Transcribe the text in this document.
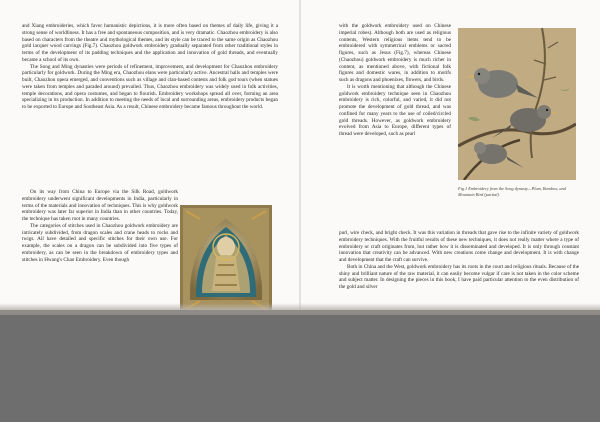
and Xiang embroideries, which favor humanistic depictions, it is more often based on themes of daily life, giving it a strong sense of worldliness. It has a free and spontaneous composition, and is very dramatic. Chaozhou embroidery is also based on characters from the theatre and mythological themes, and its style can be traced to the same origin as Chaozhou gold lacquer wood carvings (Fig.7). Chaozhou goldwork embroidery gradually separated from other traditional styles in terms of the development of its padding techniques and the application and innovation of gold threads, and eventually became a school of its own.

The Song and Ming dynasties were periods of refinement, improvement, and development for Chaozhou embroidery particularly for goldwork. During the Ming era, Chaozhou elans were particularly active. Ancestral halls and temples were built, Chaozhou opera emerged, and conventions such as village and clan-based contests and folk god tours (when statues were taken from temples and paraded around) prevailed. Thus, Chaozhou embroidery was widely used in folk activities, temple decorations, and opera costumes, and began to flourish. Embroidery workshops spread all over, forming an area specializing in its production. In addition to meeting the needs of local and surrounding areas, embroidery products began to be exported to Europe and Southeast Asia. As a result, Chinese embroidery became famous throughout the world.

On its way from China to Europe via the Silk Road, goldwork embroidery underwent significant developments in India, particularly in terms of the materials and innovation of techniques. This is why goldwork embroidery was later far superior in India than in other countries. Today, the technique has taken root in many countries.

The categories of stitches used in Chaozhou goldwork embroidery are intricately subdivided, from dragon scales and crane heads to rocks and twigs. All have detailed and specific stitches for their own use. For example, the scales on a dragon can be subdivided into five types of embroidery, as can be seen in the breakdown of embroidery types and stitches in Hwang's Chao Embroidery. Even though

with the goldwork embroidery used on Chinese imperial robes). Although both are used as religious contents, Western religious items tend to be embroidered with symmetrical emblems or sacred figures, such as Jesus (Fig.7), whereas Chinese (Chaozhou) goldwork embroidery is much richer in content, as mentioned above, with fictional folk figures and domestic wares, in addition to motifs such as dragons and phoenixes, flowers, and birds.

It is worth mentioning that although the Chinese goldwork embroidery technique seen in Chaozhou embroidery is rich, colorful, and varied, it did not promote the development of gold thread, and was confined for many years to the use of coiled/circled gold threads. However, as goldwork embroidery evolved from Asia to Europe, different types of thread were developed, such as pearl

Fig.1 Embroidery from the Song dynasty—Plum, Bamboo, and Mountain Bird (partial).

purl, wire check, and bright check. It was this variation in threads that gave rise to the infinite variety of goldwork embroidery techniques. With the fruitful results of these new techniques, it does not really matter where a type of embroidery or craft originates from, but rather how it is disseminated and developed. It is only through constant innovation that creativity can be advanced. With new creations come change and development. It is with change and development that the craft can survive.

Both in China and the West, goldwork embroidery has its roots in the court and religious rituals. Because of the shiny and brilliant nature of the raw material, it can easily become vulgar if care is not taken in the color scheme and subject matter. In designing the pieces in this book, I have paid particular attention to the even distribution of the gold and silver
